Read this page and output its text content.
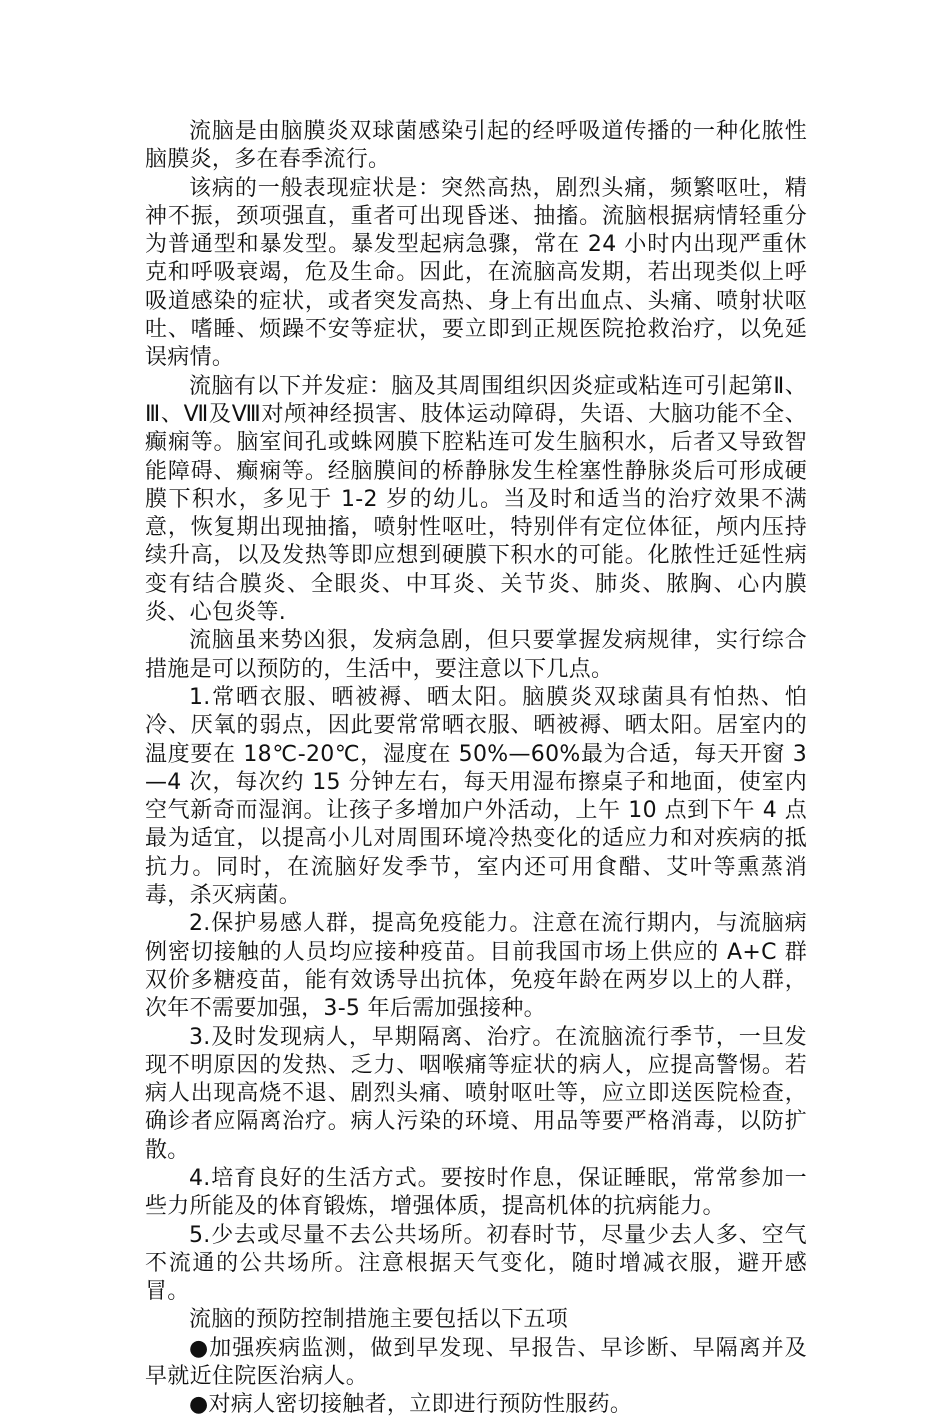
流脑是由脑膜炎双球菌感染引起的经呼吸道传播的一种化脓性脑膜炎，多在春季流行。

该病的一般表现症状是：突然高热，剧烈头痛，频繁呕吐，精神不振，颈项强直，重者可出现昏迷、抽搐。流脑根据病情轻重分为普通型和暴发型。暴发型起病急骤，常在 24 小时内出现严重休克和呼吸衰竭，危及生命。因此，在流脑高发期，若出现类似上呼吸道感染的症状，或者突发高热、身上有出血点、头痛、喷射状呕吐、嗜睡、烦躁不安等症状，要立即到正规医院抢救治疗，以免延误病情。

流脑有以下并发症：脑及其周围组织因炎症或粘连可引起第Ⅱ、Ⅲ、Ⅶ及Ⅷ对颅神经损害、肢体运动障碍，失语、大脑功能不全、癫痫等。脑室间孔或蛛网膜下腔粘连可发生脑积水，后者又导致智能障碍、癫痫等。经脑膜间的桥静脉发生栓塞性静脉炎后可形成硬膜下积水，多见于 1-2 岁的幼儿。当及时和适当的治疗效果不满意，恢复期出现抽搐，喷射性呕吐，特别伴有定位体征，颅内压持续升高，以及发热等即应想到硬膜下积水的可能。化脓性迁延性病变有结合膜炎、全眼炎、中耳炎、关节炎、肺炎、脓胸、心内膜炎、心包炎等.

流脑虽来势凶狠，发病急剧，但只要掌握发病规律，实行综合措施是可以预防的，生活中，要注意以下几点。

1.常晒衣服、晒被褥、晒太阳。脑膜炎双球菌具有怕热、怕冷、厌氧的弱点，因此要常常晒衣服、晒被褥、晒太阳。居室内的温度要在 18℃-20℃，湿度在 50%—60%最为合适，每天开窗 3—4 次，每次约 15 分钟左右，每天用湿布擦桌子和地面，使室内空气新奇而湿润。让孩子多增加户外活动，上午 10 点到下午 4 点最为适宜，以提高小儿对周围环境冷热变化的适应力和对疾病的抵抗力。同时，在流脑好发季节，室内还可用食醋、艾叶等熏蒸消毒，杀灭病菌。

2.保护易感人群，提高免疫能力。注意在流行期内，与流脑病例密切接触的人员均应接种疫苗。目前我国市场上供应的 A+C 群双价多糖疫苗，能有效诱导出抗体，免疫年龄在两岁以上的人群，次年不需要加强，3-5 年后需加强接种。

3.及时发现病人，早期隔离、治疗。在流脑流行季节，一旦发现不明原因的发热、乏力、咽喉痛等症状的病人，应提高警惕。若病人出现高烧不退、剧烈头痛、喷射呕吐等，应立即送医院检查，确诊者应隔离治疗。病人污染的环境、用品等要严格消毒，以防扩散。

4.培育良好的生活方式。要按时作息，保证睡眠，常常参加一些力所能及的体育锻炼，增强体质，提高机体的抗病能力。

5.少去或尽量不去公共场所。初春时节，尽量少去人多、空气不流通的公共场所。注意根据天气变化，随时增减衣服，避开感冒。

流脑的预防控制措施主要包括以下五项

●加强疾病监测，做到早发现、早报告、早诊断、早隔离并及早就近住院医治病人。

●对病人密切接触者，立即进行预防性服药。
